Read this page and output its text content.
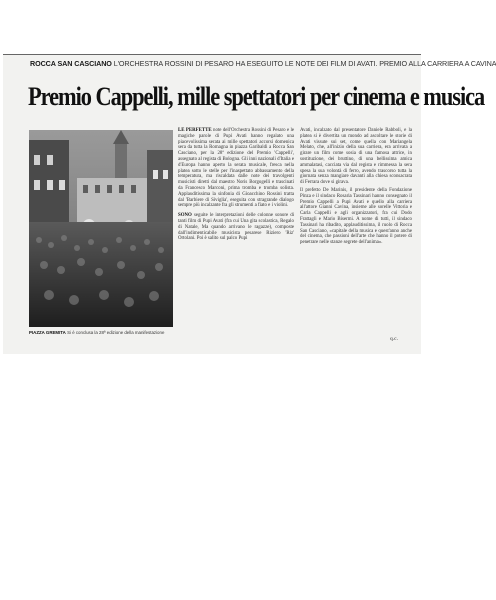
ROCCA SAN CASCIANO L'ORCHESTRA ROSSINI DI PESARO HA ESEGUITO LE NOTE DEI FILM DI AVATI. PREMIO ALLA CARRIERA A CAVINA
Premio Cappelli, mille spettatori per cinema e musica
PIAZZA GREMITA Si è conclusa la 28ª edizione della manifestazione

LE PERFETTE note dell'Orchestra Rossini di Pesaro e le magiche parole di Pupi Avati hanno regalato una piacevolissima serata ai mille spettatori accorsi domenica sera da tutta la Romagna in piazza Garibaldi a Rocca San Casciano, per la 28ª edizione del Premio 'Cappelli', assegnato al regista di Bologna. Gli inni nazionali d'Italia e d'Europa hanno aperto la serata musicale, fresca nella platea sotto le stelle per l'inaspettato abbassamento della temperatura, ma riscaldata dalle note dei travolgenti musicisti diretti dal maestro Noris Borgogelli e trascinati da Francesco Marconi, prima tromba e tromba solista. Applauditissima la sinfonia di Gioacchino Rossini tratta dal 'Barbiere di Siviglia', eseguita con stragrande dialogo sempre più incalzante fra gli strumenti a fiato e i violini.

SONO seguite le interpretazioni delle colonne sonore di tanti film di Pupi Avati (fra cui Una gita scolastica, Regalo di Natale, Ma quando arrivano le ragazze), composte dall'indimenticabile musicista pesarese Riziero 'Riz' Ortolani. Poi è salito sul palco Pupi

Avati, incalzato dal presentatore Daniele Rabboli, e la platea si è divertita un mondo ad ascoltare le storie di Avati vissute sui set, come quella con Mariangela Melato, che, all'inizio della sua carriera, era arrivata a girare un film come sosia di una famosa attrice, in sostituzione, dei bruttino, di una bellissima amica ammalatasi, cacciata via dal regista e rimmessa la sera spesa la sua volontà di ferro, avendo trascorso tutta la giornata senza mangiare davanti alla chiesa sconsacrata di Ferrara dove si girava.

Il prefetto De Marinis, il presidente della Fondazione Pinza e il sindaco Rosaria Tassinari hanno consegnato il Premio Cappelli a Pupi Avati e quello alla carriera all'attore Gianni Cavina, insieme alle sorelle Vittoria e Carla Cappelli e agli organizzatori, fra cui Dodo Frattagli e Mario Bisermi. A nome di tutti, il sindaco Tassinari ha ribadito, applauditissima, il ruolo di Rocca San Casciano, «capitale della musica e quest'anno anche del cinema, che passioni dell'arte che hanno il potere di penetrare nelle stanze segrete dell'anima».

q.c.
